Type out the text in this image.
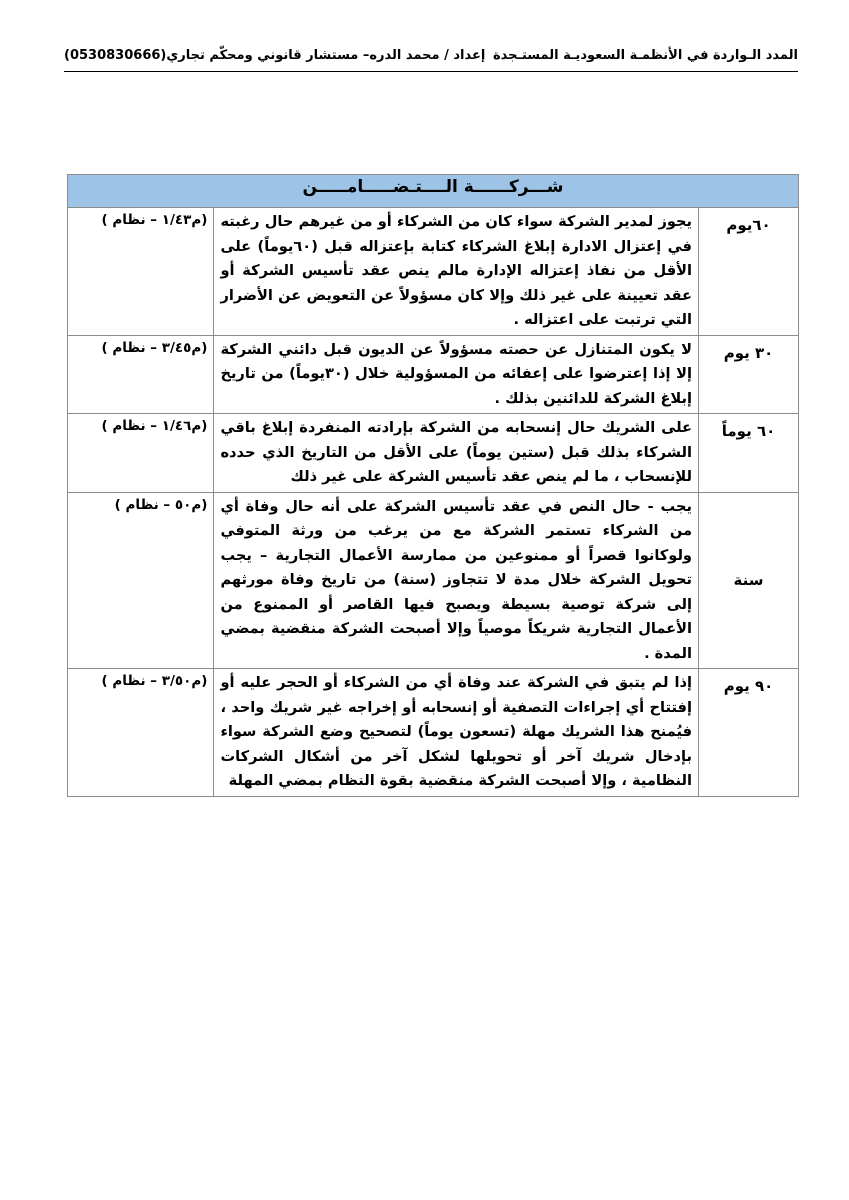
المدد الـواردة في الأنظمـة السعوديـة المستـجدة
إعداد / محمد الدره– مستشار قانوني ومحكّم تجاري(0530830666)
شـــركــــــة الــــتـضـــــامـــــن		
٦٠يوم	يجوز لمدير الشركة سواء كان من الشركاء أو من غيرهم حال رغبته في إعتزال الادارة إبلاغ الشركاء كتابة بإعتزاله قبل (٦٠يوماً) على الأقل من نفاذ إعتزاله الإدارة مالم ينص عقد تأسيس الشركة أو عقد تعيينة على غير ذلك وإلا كان مسؤولاً عن التعويض عن الأضرار التي ترتبت على اعتزاله .	(م١/٤٣ – نظام )
٣٠ يوم	لا يكون المتنازل عن حصته مسؤولاً عن الديون قبل دائني الشركة إلا إذا إعترضوا على إعفائه من المسؤولية خلال (٣٠يوماً) من تاريخ إبلاغ الشركة للدائنين بذلك .	(م٣/٤٥ – نظام )
٦٠ يوماً	على الشريك حال إنسحابه من الشركة بإرادته المنفردة إبلاغ باقي الشركاء بذلك قبل (ستين يوماً) على الأقل من التاريخ الذي حدده للإنسحاب ، ما لم ينص عقد تأسيس الشركة على غير ذلك	(م١/٤٦ – نظام )
سنة	يجب - حال النص في عقد تأسيس الشركة على أنه حال وفاة أي من الشركاء تستمر الشركة مع من يرغب من ورثة المتوفي ولوكانوا قصراً أو ممنوعين من ممارسة الأعمال التجارية – يجب تحويل الشركة خلال مدة لا تتجاوز (سنة) من تاريخ وفاة مورثهم إلى شركة توصية بسيطة ويصبح فيها القاصر أو الممنوع من الأعمال التجارية شريكاً موصياً وإلا أصبحت الشركة منقضية بمضي المدة .	(م٥٠ – نظام )
٩٠ يوم	إذا لم يتبق في الشركة عند وفاة أي من الشركاء أو الحجر عليه أو إفتتاح أي إجراءات التصفية أو إنسحابه أو إخراجه غير شريك واحد ، فيُمنح هذا الشريك مهلة (تسعون يوماً) لتصحيح وضع الشركة سواء بإدخال شريك آخر أو تحويلها لشكل آخر من أشكال الشركات النظامية ، وإلا أصبحت الشركة منقضية بقوة النظام بمضي المهلة	(م٣/٥٠ – نظام )
